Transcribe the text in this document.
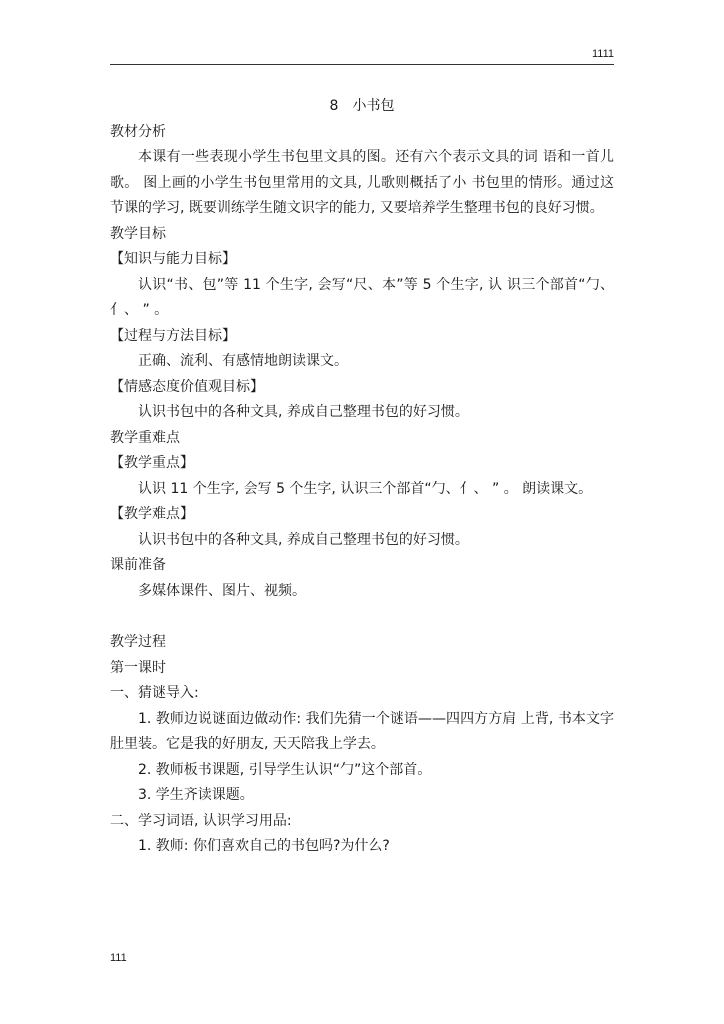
1111

8　小书包

教材分析

本课有一些表现小学生书包里文具的图。还有六个表示文具的词 语和一首儿歌。 图上画的小学生书包里常用的文具, 儿歌则概括了小 书包里的情形。通过这节课的学习, 既要训练学生随文识字的能力, 又要培养学生整理书包的良好习惯。

教学目标

【知识与能力目标】

认识“书、包”等 11 个生字, 会写“尺、本”等 5 个生字, 认 识三个部首“勹、亻、 ” 。

【过程与方法目标】

正确、流利、有感情地朗读课文。

【情感态度价值观目标】

认识书包中的各种文具, 养成自己整理书包的好习惯。

教学重难点

【教学重点】

认识 11 个生字, 会写 5 个生字, 认识三个部首“勹、亻、 ” 。 朗读课文。

【教学难点】

认识书包中的各种文具, 养成自己整理书包的好习惯。

课前准备

多媒体课件、图片、视频。

教学过程

第一课时

一、猜谜导入:

1. 教师边说谜面边做动作: 我们先猜一个谜语——四四方方肩 上背, 书本文字肚里装。它是我的好朋友, 天天陪我上学去。

2. 教师板书课题, 引导学生认识“勹”这个部首。

3. 学生齐读课题。

二、学习词语, 认识学习用品:

1. 教师: 你们喜欢自己的书包吗?为什么?

111
